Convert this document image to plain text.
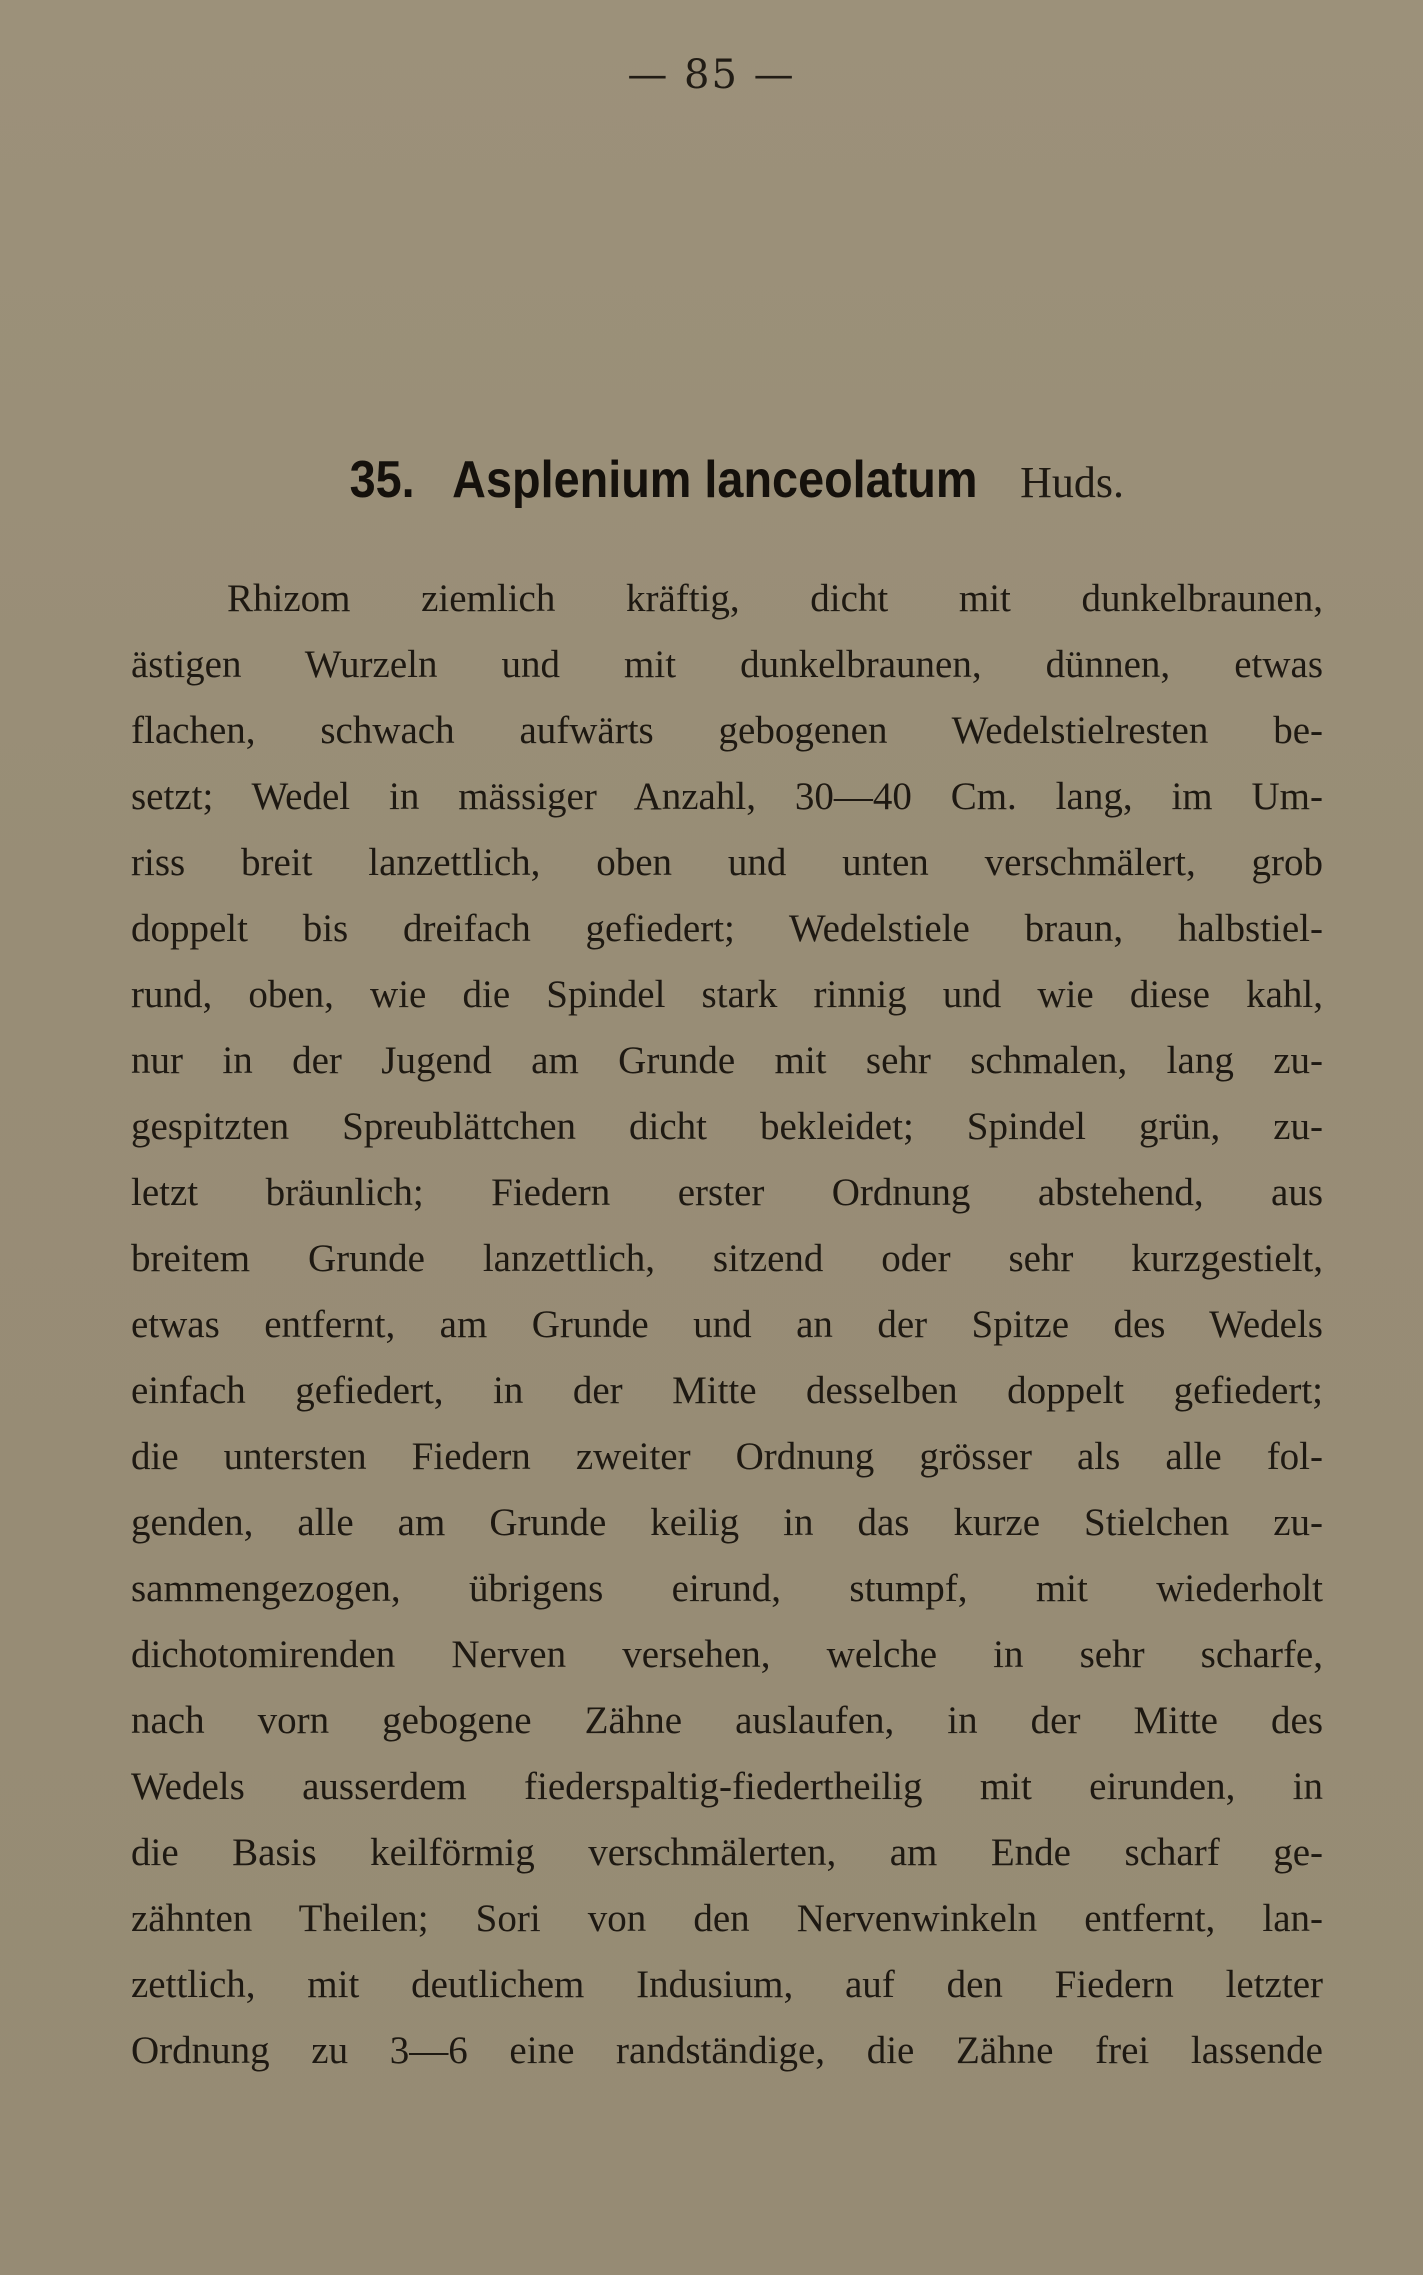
— 85 —
35. Asplenium lanceolatum Huds.
Rhizom ziemlich kräftig, dicht mit dunkelbraunen,
ästigen Wurzeln und mit dunkelbraunen, dünnen, etwas
flachen, schwach aufwärts gebogenen Wedelstielresten be-
setzt; Wedel in mässiger Anzahl, 30—40 Cm. lang, im Um-
riss breit lanzettlich, oben und unten verschmälert, grob
doppelt bis dreifach gefiedert; Wedelstiele braun, halbstiel-
rund, oben, wie die Spindel stark rinnig und wie diese kahl,
nur in der Jugend am Grunde mit sehr schmalen, lang zu-
gespitzten Spreublättchen dicht bekleidet; Spindel grün, zu-
letzt bräunlich; Fiedern erster Ordnung abstehend, aus
breitem Grunde lanzettlich, sitzend oder sehr kurzgestielt,
etwas entfernt, am Grunde und an der Spitze des Wedels
einfach gefiedert, in der Mitte desselben doppelt gefiedert;
die untersten Fiedern zweiter Ordnung grösser als alle fol-
genden, alle am Grunde keilig in das kurze Stielchen zu-
sammengezogen, übrigens eirund, stumpf, mit wiederholt
dichotomirenden Nerven versehen, welche in sehr scharfe,
nach vorn gebogene Zähne auslaufen, in der Mitte des
Wedels ausserdem fiederspaltig-fiedertheilig mit eirunden, in
die Basis keilförmig verschmälerten, am Ende scharf ge-
zähnten Theilen; Sori von den Nervenwinkeln entfernt, lan-
zettlich, mit deutlichem Indusium, auf den Fiedern letzter
Ordnung zu 3—6 eine randständige, die Zähne frei lassende
